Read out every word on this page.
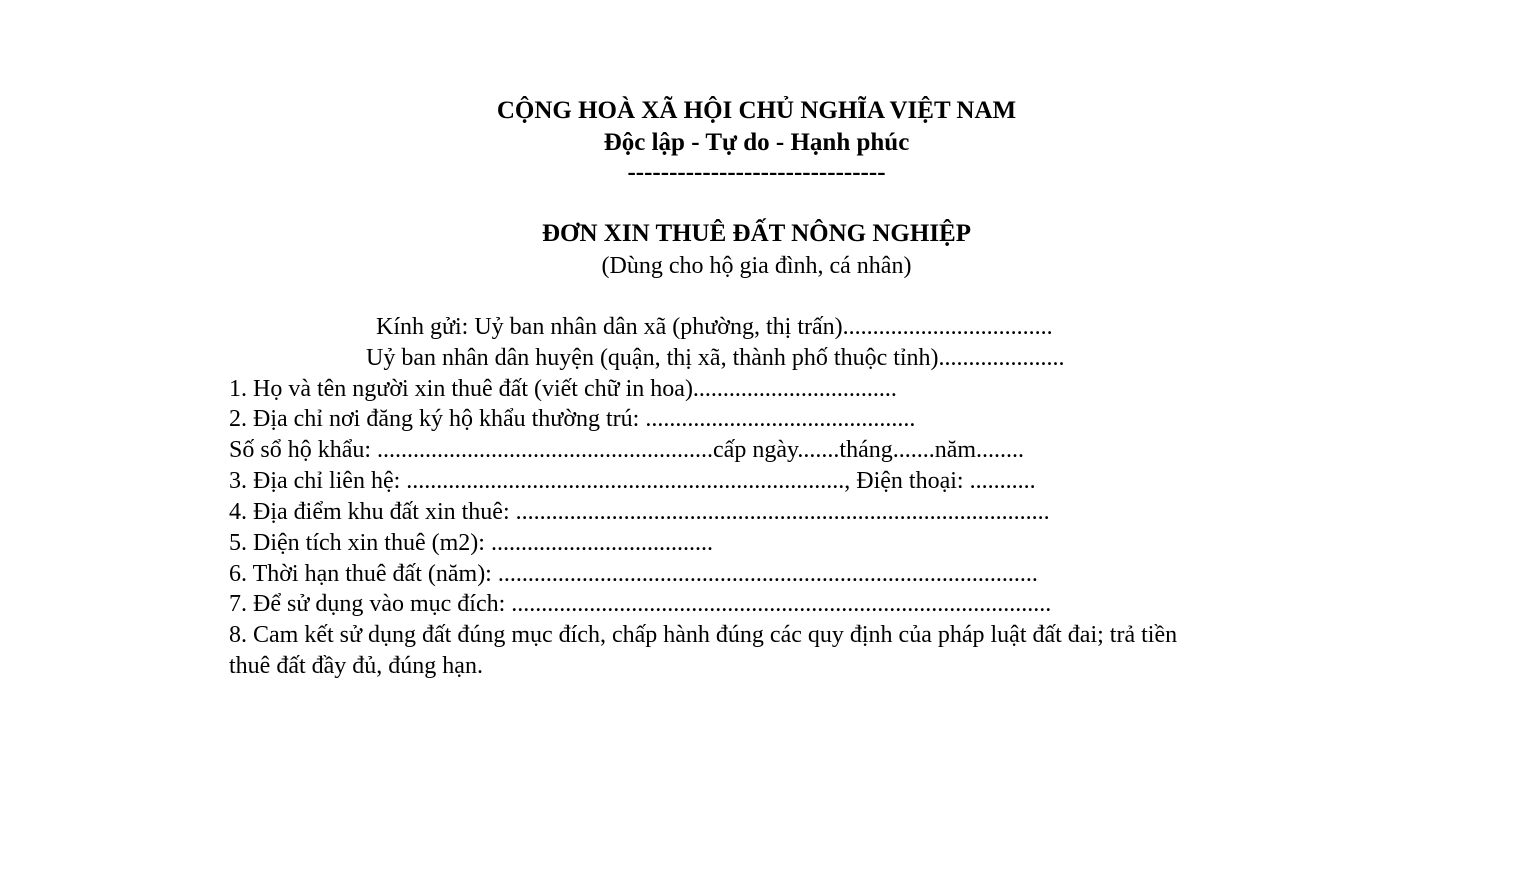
CỘNG HOÀ XÃ HỘI CHỦ NGHĨA VIỆT NAM
Độc lập - Tự do - Hạnh phúc
-------------------------------
ĐƠN XIN THUÊ ĐẤT NÔNG NGHIỆP
(Dùng cho hộ gia đình, cá nhân)
Kính gửi: Uỷ ban nhân dân xã (phường, thị trấn)...................................
Uỷ ban nhân dân huyện (quận, thị xã, thành phố thuộc tỉnh).....................
1. Họ và tên người xin thuê đất (viết chữ in hoa)..................................
2. Địa chỉ nơi đăng ký hộ khẩu thường trú: .............................................
Số sổ hộ khẩu: ........................................................cấp ngày.......tháng.......năm........
3. Địa chỉ liên hệ: ........................................................................., Điện thoại: ...........
4. Địa điểm khu đất xin thuê: .........................................................................................
5. Diện tích xin thuê (m2): .....................................
6. Thời hạn thuê đất (năm): ..........................................................................................
7. Để sử dụng vào mục đích: ..........................................................................................
8. Cam kết sử dụng đất đúng mục đích, chấp hành đúng các quy định của pháp luật đất đai; trả tiền
thuê đất đầy đủ, đúng hạn.
